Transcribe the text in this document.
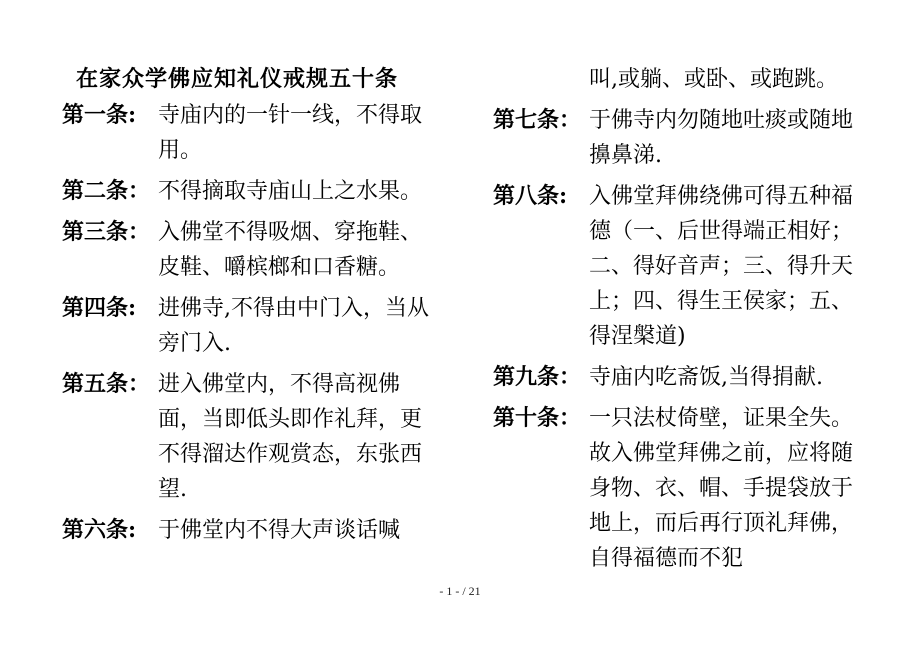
在家众学佛应知礼仪戒规五十条
第一条: 寺庙内的一针一线，不得取用。
第二条： 不得摘取寺庙山上之水果。
第三条： 入佛堂不得吸烟、穿拖鞋、皮鞋、嚼槟榔和口香糖。
第四条: 进佛寺,不得由中门入，当从旁门入.
第五条： 进入佛堂内，不得高视佛面，当即低头即作礼拜，更不得溜达作观赏态，东张西望.
第六条: 于佛堂内不得大声谈话喊
叫,或躺、或卧、或跑跳。
第七条： 于佛寺内勿随地吐痰或随地擤鼻涕.
第八条: 入佛堂拜佛绕佛可得五种福德（一、后世得端正相好；二、得好音声；三、得升天上；四、得生王侯家；五、得涅槃道)
第九条： 寺庙内吃斋饭,当得捐献.
第十条： 一只法杖倚壁，证果全失。故入佛堂拜佛之前，应将随身物、衣、帽、手提袋放于地上，而后再行顶礼拜佛，自得福德而不犯
- 1 - / 21
